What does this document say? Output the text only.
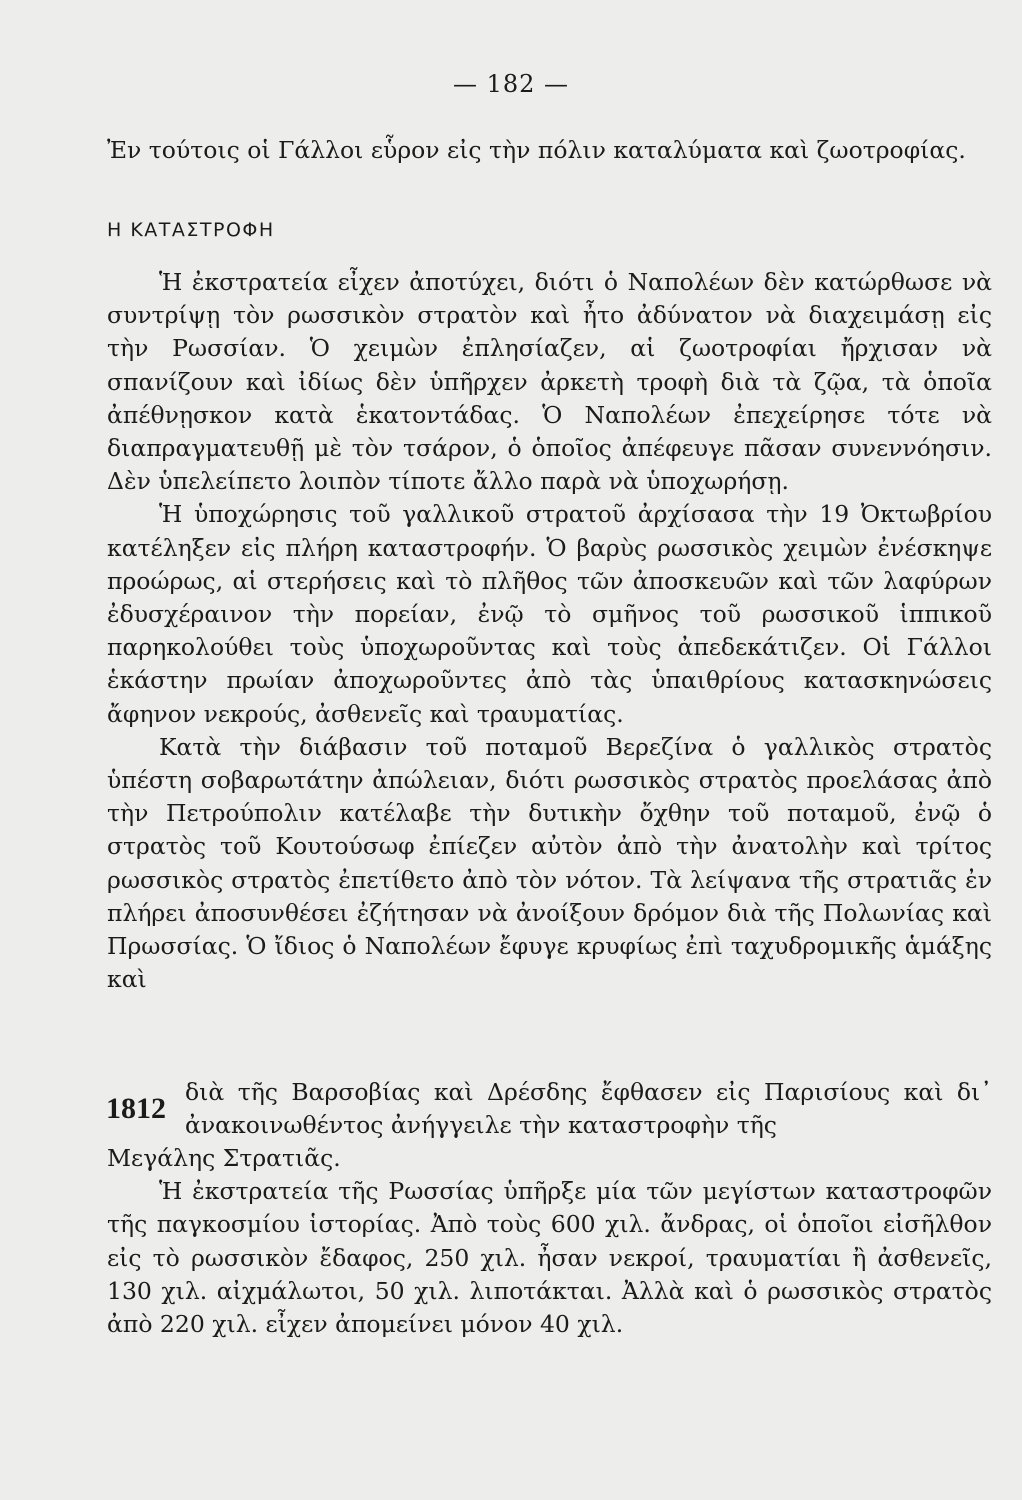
— 182 —

Ἐν τούτοις οἱ Γάλλοι εὗρον εἰς τὴν πόλιν καταλύματα καὶ ζωοτροφίας.

Η ΚΑΤΑΣΤΡΟΦΗ

Ἡ ἐκστρατεία εἶχεν ἀποτύχει, διότι ὁ Ναπολέων δὲν κατώρθωσε νὰ συντρίψῃ τὸν ρωσσικὸν στρατὸν καὶ ἦτο ἀδύνατον νὰ διαχειμάσῃ εἰς τὴν Ρωσσίαν. Ὁ χειμὼν ἐπλησίαζεν, αἱ ζωοτροφίαι ἤρχισαν νὰ σπανίζουν καὶ ἰδίως δὲν ὑπῆρχεν ἀρκετὴ τροφὴ διὰ τὰ ζῷα, τὰ ὁποῖα ἀπέθνῃσκον κατὰ ἑκατοντάδας. Ὁ Ναπολέων ἐπεχείρησε τότε νὰ διαπραγματευθῇ μὲ τὸν τσάρον, ὁ ὁποῖος ἀπέφευγε πᾶσαν συνεννόησιν. Δὲν ὑπελείπετο λοιπὸν τίποτε ἄλλο παρὰ νὰ ὑποχωρήσῃ.

Ἡ ὑποχώρησις τοῦ γαλλικοῦ στρατοῦ ἀρχίσασα τὴν 19 Ὀκτωβρίου κατέληξεν εἰς πλήρη καταστροφήν. Ὁ βαρὺς ρωσσικὸς χειμὼν ἐνέσκηψε προώρως, αἱ στερήσεις καὶ τὸ πλῆθος τῶν ἀποσκευῶν καὶ τῶν λαφύρων ἐδυσχέραινον τὴν πορείαν, ἐνῷ τὸ σμῆνος τοῦ ρωσσικοῦ ἱππικοῦ παρηκολούθει τοὺς ὑποχωροῦντας καὶ τοὺς ἀπεδεκάτιζεν. Οἱ Γάλλοι ἑκάστην πρωίαν ἀποχωροῦντες ἀπὸ τὰς ὑπαιθρίους κατασκηνώσεις ἄφηνον νεκρούς, ἀσθενεῖς καὶ τραυματίας.

Κατὰ τὴν διάβασιν τοῦ ποταμοῦ Βερεζίνα ὁ γαλλικὸς στρατὸς ὑπέστη σοβαρωτάτην ἀπώλειαν, διότι ρωσσικὸς στρατὸς προελάσας ἀπὸ τὴν Πετρούπολιν κατέλαβε τὴν δυτικὴν ὄχθην τοῦ ποταμοῦ, ἐνῷ ὁ στρατὸς τοῦ Κουτούσωφ ἐπίεζεν αὐτὸν ἀπὸ τὴν ἀνατολὴν καὶ τρίτος ρωσσικὸς στρατὸς ἐπετίθετο ἀπὸ τὸν νότον. Τὰ λείψανα τῆς στρατιᾶς ἐν πλήρει ἀποσυνθέσει ἐζήτησαν νὰ ἀνοίξουν δρόμον διὰ τῆς Πολωνίας καὶ Πρωσσίας. Ὁ ἴδιος ὁ Ναπολέων ἔφυγε κρυφίως ἐπὶ ταχυδρομικῆς ἁμάξης καὶ

1812 διὰ τῆς Βαρσοβίας καὶ Δρέσδης ἔφθασεν εἰς Παρισίους καὶ δι᾽ ἀνακοινωθέντος ἀνήγγειλε τὴν καταστροφὴν τῆς

Μεγάλης Στρατιᾶς.

Ἡ ἐκστρατεία τῆς Ρωσσίας ὑπῆρξε μία τῶν μεγίστων καταστροφῶν τῆς παγκοσμίου ἱστορίας. Ἀπὸ τοὺς 600 χιλ. ἄνδρας, οἱ ὁποῖοι εἰσῆλθον εἰς τὸ ρωσσικὸν ἔδαφος, 250 χιλ. ἦσαν νεκροί, τραυματίαι ἢ ἀσθενεῖς, 130 χιλ. αἰχμάλωτοι, 50 χιλ. λιποτάκται. Ἀλλὰ καὶ ὁ ρωσσικὸς στρατὸς ἀπὸ 220 χιλ. εἶχεν ἀπομείνει μόνον 40 χιλ.
